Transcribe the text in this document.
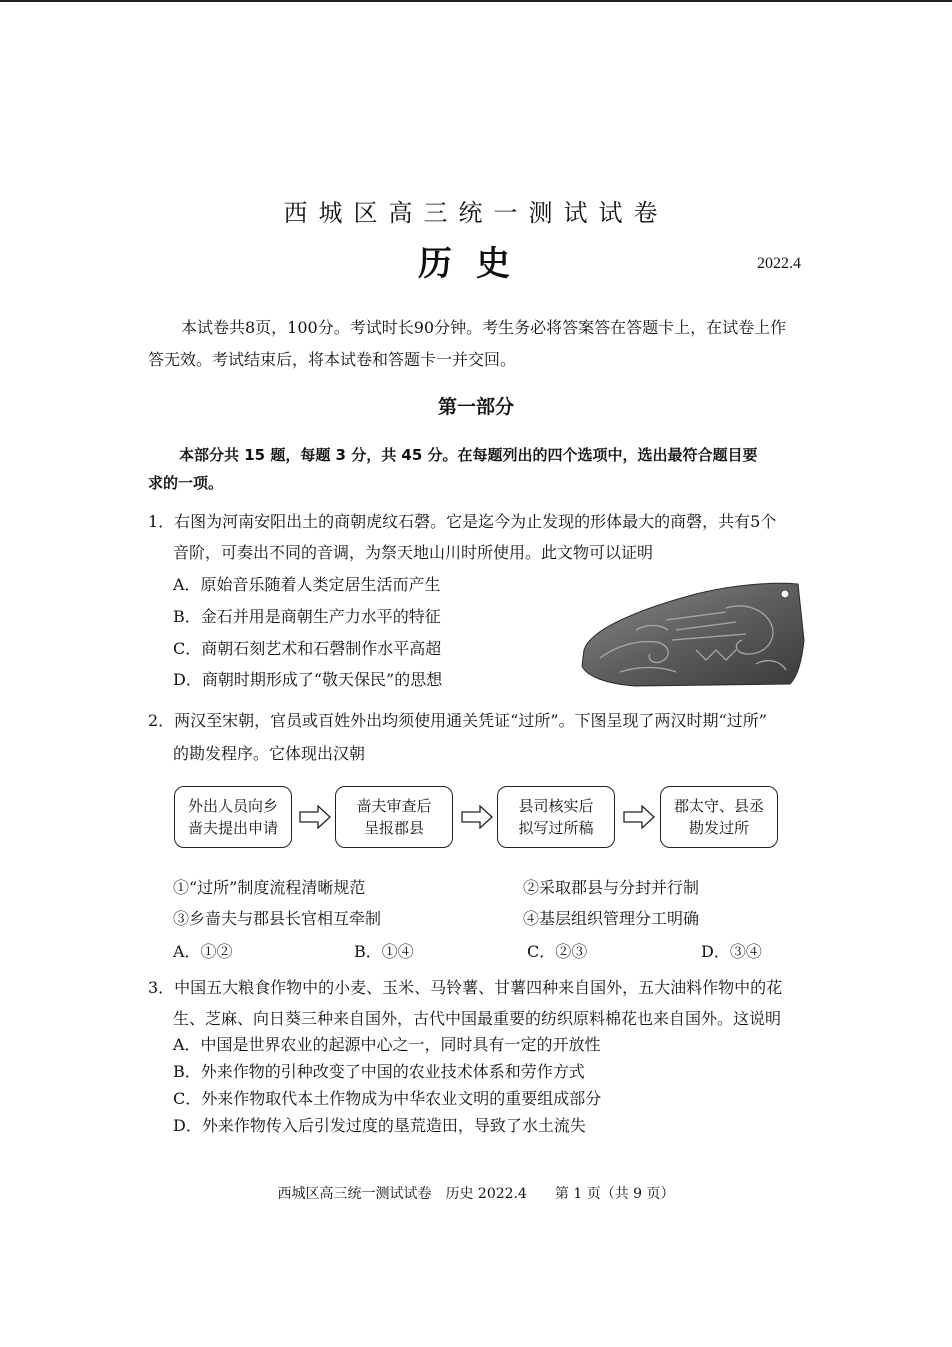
西城区高三统一测试试卷
历史	2022.4
本试卷共8页，100分。考试时长90分钟。考生务必将答案答在答题卡上，在试卷上作
答无效。考试结束后，将本试卷和答题卡一并交回。
第一部分
本部分共 15 题，每题 3 分，共 45 分。在每题列出的四个选项中，选出最符合题目要
求的一项。
1．右图为河南安阳出土的商朝虎纹石磬。它是迄今为止发现的形体最大的商磬，共有5个
音阶，可奏出不同的音调，为祭天地山川时所使用。此文物可以证明
A．原始音乐随着人类定居生活而产生
B．金石并用是商朝生产力水平的特征
C．商朝石刻艺术和石磬制作水平高超
D．商朝时期形成了“敬天保民”的思想
2．两汉至宋朝，官员或百姓外出均须使用通关凭证“过所”。下图呈现了两汉时期“过所”
的勘发程序。它体现出汉朝
外出人员向乡
啬夫提出申请
啬夫审查后
呈报郡县
县司核实后
拟写过所稿
郡太守、县丞
勘发过所
①“过所”制度流程清晰规范	②采取郡县与分封并行制
③乡啬夫与郡县长官相互牵制	④基层组织管理分工明确
A．①②	B．①④	C．②③	D．③④
3．中国五大粮食作物中的小麦、玉米、马铃薯、甘薯四种来自国外，五大油料作物中的花
生、芝麻、向日葵三种来自国外，古代中国最重要的纺织原料棉花也来自国外。这说明
A．中国是世界农业的起源中心之一，同时具有一定的开放性
B．外来作物的引种改变了中国的农业技术体系和劳作方式
C．外来作物取代本土作物成为中华农业文明的重要组成部分
D．外来作物传入后引发过度的垦荒造田，导致了水土流失
西城区高三统一测试试卷　历史 2022.4　　第 1 页（共 9 页）
